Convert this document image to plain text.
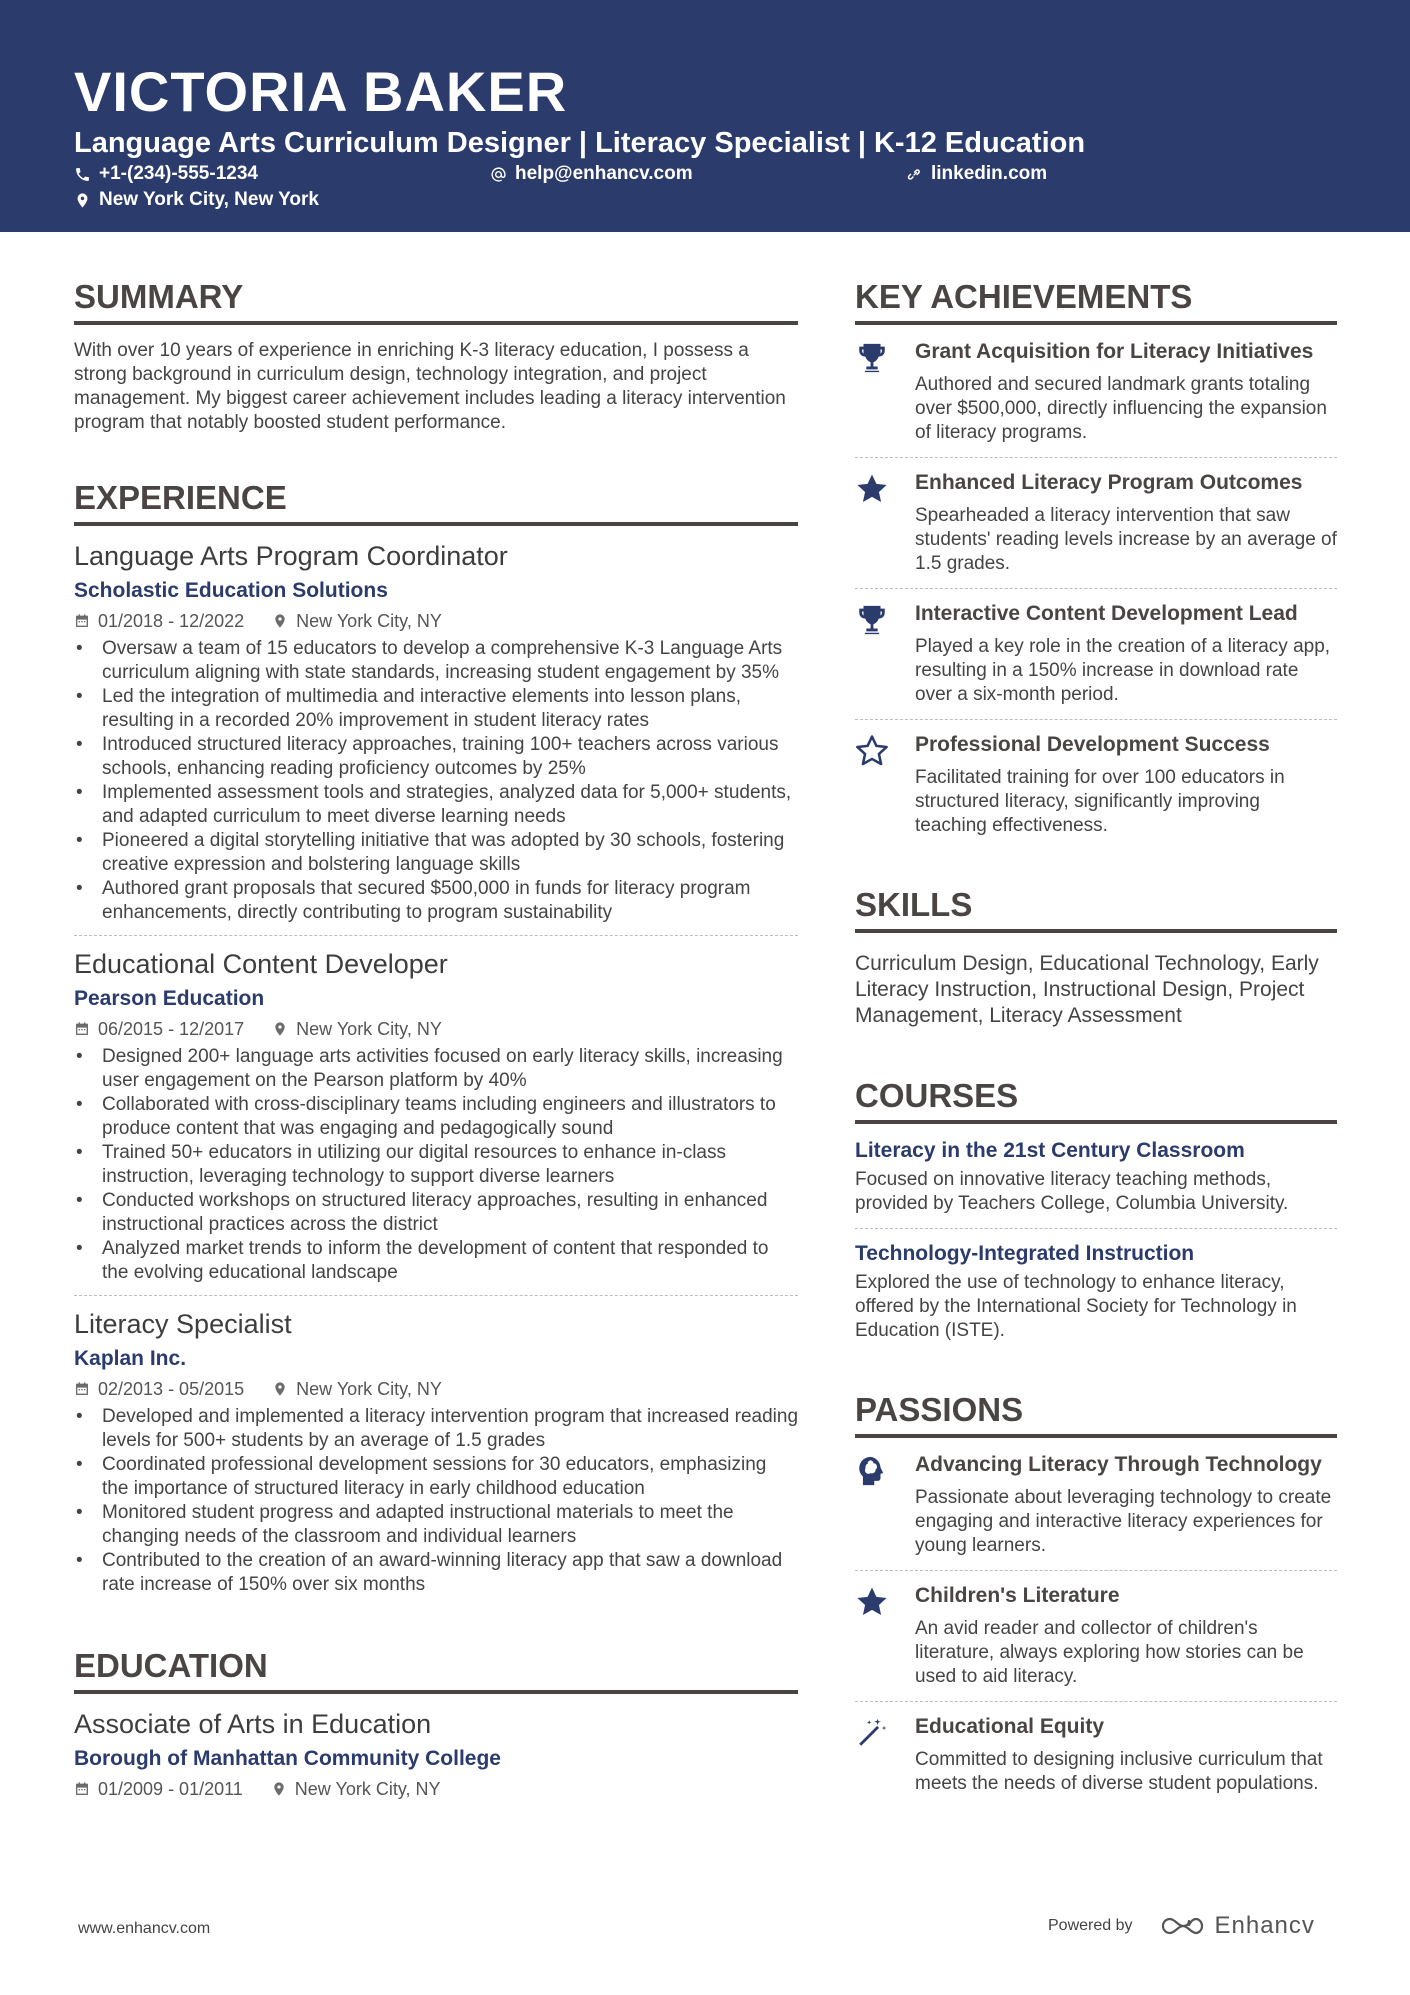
VICTORIA BAKER
Language Arts Curriculum Designer | Literacy Specialist | K-12 Education
+1-(234)-555-1234	help@enhancv.com	linkedin.com
New York City, New York
SUMMARY
With over 10 years of experience in enriching K-3 literacy education, I possess a strong background in curriculum design, technology integration, and project management. My biggest career achievement includes leading a literacy intervention program that notably boosted student performance.
EXPERIENCE
Language Arts Program Coordinator
Scholastic Education Solutions
01/2018 - 12/2022	New York City, NY
• Oversaw a team of 15 educators to develop a comprehensive K-3 Language Arts curriculum aligning with state standards, increasing student engagement by 35%
• Led the integration of multimedia and interactive elements into lesson plans, resulting in a recorded 20% improvement in student literacy rates
• Introduced structured literacy approaches, training 100+ teachers across various schools, enhancing reading proficiency outcomes by 25%
• Implemented assessment tools and strategies, analyzed data for 5,000+ students, and adapted curriculum to meet diverse learning needs
• Pioneered a digital storytelling initiative that was adopted by 30 schools, fostering creative expression and bolstering language skills
• Authored grant proposals that secured $500,000 in funds for literacy program enhancements, directly contributing to program sustainability
Educational Content Developer
Pearson Education
06/2015 - 12/2017	New York City, NY
• Designed 200+ language arts activities focused on early literacy skills, increasing user engagement on the Pearson platform by 40%
• Collaborated with cross-disciplinary teams including engineers and illustrators to produce content that was engaging and pedagogically sound
• Trained 50+ educators in utilizing our digital resources to enhance in-class instruction, leveraging technology to support diverse learners
• Conducted workshops on structured literacy approaches, resulting in enhanced instructional practices across the district
• Analyzed market trends to inform the development of content that responded to the evolving educational landscape
Literacy Specialist
Kaplan Inc.
02/2013 - 05/2015	New York City, NY
• Developed and implemented a literacy intervention program that increased reading levels for 500+ students by an average of 1.5 grades
• Coordinated professional development sessions for 30 educators, emphasizing the importance of structured literacy in early childhood education
• Monitored student progress and adapted instructional materials to meet the changing needs of the classroom and individual learners
• Contributed to the creation of an award-winning literacy app that saw a download rate increase of 150% over six months
EDUCATION
Associate of Arts in Education
Borough of Manhattan Community College
01/2009 - 01/2011	New York City, NY
KEY ACHIEVEMENTS
Grant Acquisition for Literacy Initiatives
Authored and secured landmark grants totaling over $500,000, directly influencing the expansion of literacy programs.
Enhanced Literacy Program Outcomes
Spearheaded a literacy intervention that saw students' reading levels increase by an average of 1.5 grades.
Interactive Content Development Lead
Played a key role in the creation of a literacy app, resulting in a 150% increase in download rate over a six-month period.
Professional Development Success
Facilitated training for over 100 educators in structured literacy, significantly improving teaching effectiveness.
SKILLS
Curriculum Design, Educational Technology, Early Literacy Instruction, Instructional Design, Project Management, Literacy Assessment
COURSES
Literacy in the 21st Century Classroom
Focused on innovative literacy teaching methods, provided by Teachers College, Columbia University.
Technology-Integrated Instruction
Explored the use of technology to enhance literacy, offered by the International Society for Technology in Education (ISTE).
PASSIONS
Advancing Literacy Through Technology
Passionate about leveraging technology to create engaging and interactive literacy experiences for young learners.
Children's Literature
An avid reader and collector of children's literature, always exploring how stories can be used to aid literacy.
Educational Equity
Committed to designing inclusive curriculum that meets the needs of diverse student populations.
www.enhancv.com	Powered by	Enhancv
